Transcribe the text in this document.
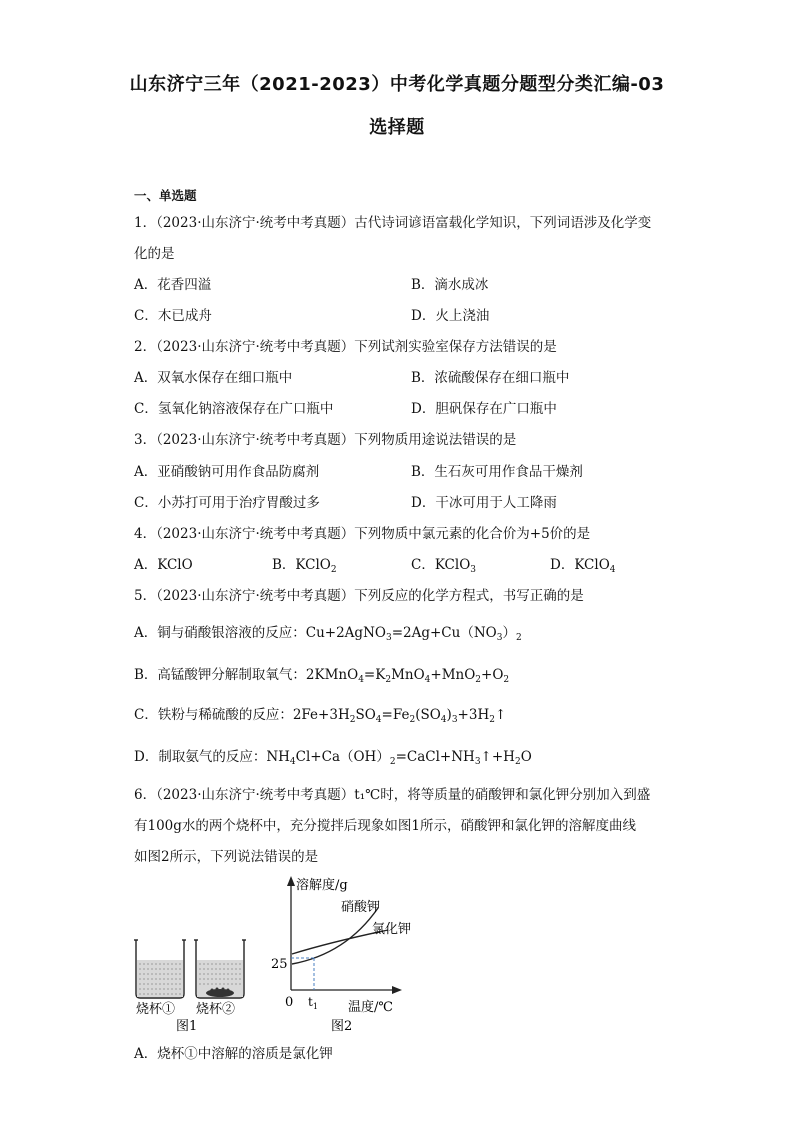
山东济宁三年（2021-2023）中考化学真题分题型分类汇编-03
选择题
一、单选题
1．（2023·山东济宁·统考中考真题）古代诗词谚语富载化学知识，下列词语涉及化学变
化的是
A．花香四溢	B．滴水成冰
C．木已成舟	D．火上浇油
2．（2023·山东济宁·统考中考真题）下列试剂实验室保存方法错误的是
A．双氧水保存在细口瓶中	B．浓硫酸保存在细口瓶中
C．氢氧化钠溶液保存在广口瓶中	D．胆矾保存在广口瓶中
3．（2023·山东济宁·统考中考真题）下列物质用途说法错误的是
A．亚硝酸钠可用作食品防腐剂	B．生石灰可用作食品干燥剂
C．小苏打可用于治疗胃酸过多	D．干冰可用于人工降雨
4．（2023·山东济宁·统考中考真题）下列物质中氯元素的化合价为+5价的是
A．KClO	B．KClO$_2$	C．KClO$_3$	D．KClO$_4$
5．（2023·山东济宁·统考中考真题）下列反应的化学方程式，书写正确的是
A．铜与硝酸银溶液的反应：$Cu+2AgNO_3=2Ag+Cu(NO_3)_2$
B．高锰酸钾分解制取氧气：$2KMnO_4=K_2MnO_4+MnO_2+O_2$
C．铁粉与稀硫酸的反应：$2Fe+3H_2SO_4=Fe_2(SO_4)_3+3H_2↑$
D．制取氨气的反应：$NH_4Cl+Ca(OH)_2=CaCl+NH_3↑+H_2O$
6．（2023·山东济宁·统考中考真题）t₁℃时，将等质量的硝酸钾和氯化钾分别加入到盛
有100g水的两个烧杯中，充分搅拌后现象如图1所示，硝酸钾和氯化钾的溶解度曲线
如图2所示，下列说法错误的是
烧杯① 烧杯②
图1
溶解度/g
硝酸钾
氯化钾
25
0 $t_1$ 温度/℃
图2
A．烧杯①中溶解的溶质是氯化钾
